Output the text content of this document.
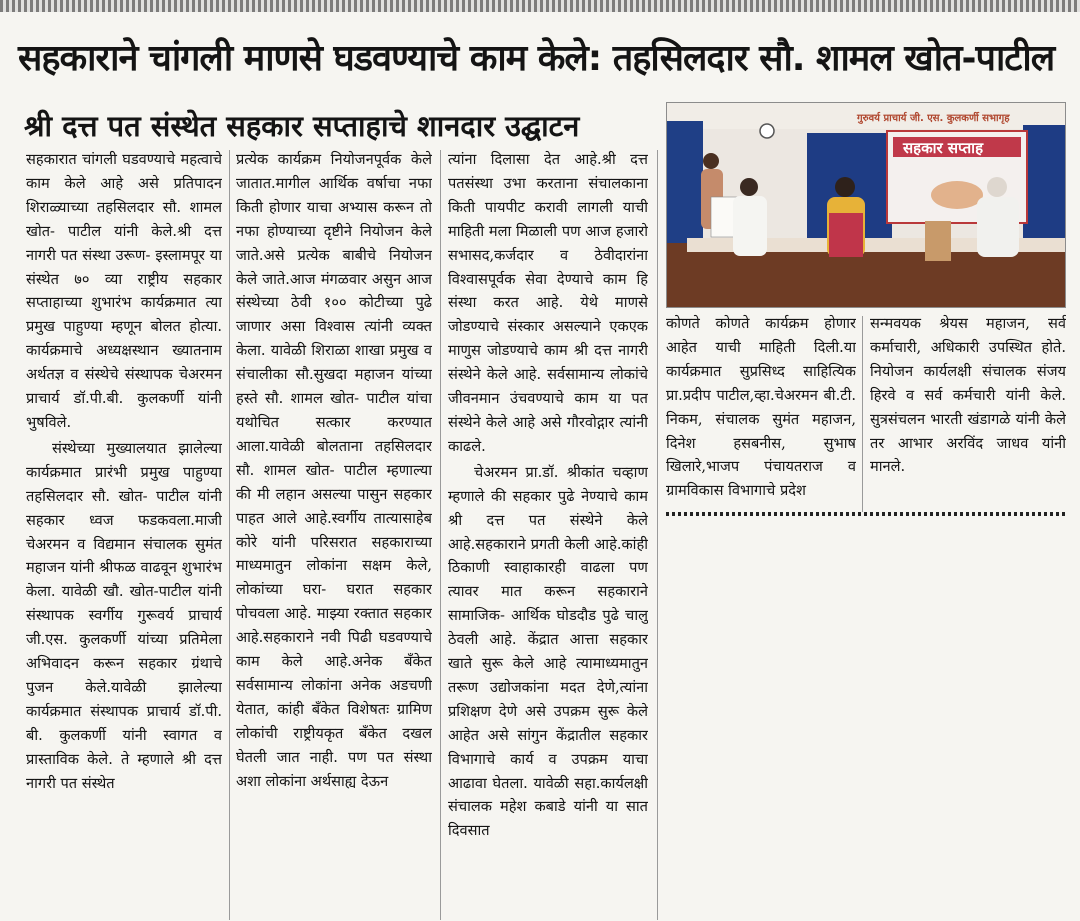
सहकाराने चांगली माणसे घडवण्याचे काम केले: तहसिलदार सौ. शामल खोत-पाटील
श्री दत्त पत संस्थेत सहकार सप्ताहाचे शानदार उद्घाटन	गुरुवर्य प्राचार्य जी. एस. कुलकर्णी सभागृह
सहकार सप्ताह

सहकारात चांगली घडवण्याचे महत्वाचे काम केले आहे असे प्रतिपादन शिराळ्याच्या तहसिलदार सौ. शामल खोत- पाटील यांनी केले.श्री दत्त नागरी पत संस्था उरूण- इस्लामपूर या संस्थेत ७० व्या राष्ट्रीय सहकार सप्ताहाच्या शुभारंभ कार्यक्रमात त्या प्रमुख पाहुण्या म्हणून बोलत होत्या. कार्यक्रमाचे अध्यक्षस्थान ख्यातनाम अर्थतज्ञ व संस्थेचे संस्थापक चेअरमन प्राचार्य डॉ.पी.बी. कुलकर्णी यांनी भुषविले.

संस्थेच्या मुख्यालयात झालेल्या कार्यक्रमात प्रारंभी प्रमुख पाहुण्या तहसिलदार सौ. खोत- पाटील यांनी सहकार ध्वज फडकवला.माजी चेअरमन व विद्यमान संचालक सुमंत महाजन यांनी श्रीफळ वाढवून शुभारंभ केला. यावेळी खौ. खोत-पाटील यांनी संस्थापक स्वर्गीय गुरूवर्य प्राचार्य जी.एस. कुलकर्णी यांच्या प्रतिमेला अभिवादन करून सहकार ग्रंथाचे पुजन केले.यावेळी झालेल्या कार्यक्रमात संस्थापक प्राचार्य डॉ.पी. बी. कुलकर्णी यांनी स्वागत व प्रास्ताविक केले. ते म्हणाले श्री दत्त नागरी पत संस्थेत

प्रत्येक कार्यक्रम नियोजनपूर्वक केले जातात.मागील आर्थिक वर्षाचा नफा किती होणार याचा अभ्यास करून तो नफा होण्याच्या दृष्टीने नियोजन केले जाते.असे प्रत्येक बाबीचे नियोजन केले जाते.आज मंगळवार असुन आज संस्थेच्या ठेवी १०० कोटीच्या पुढे जाणार असा विश्वास त्यांनी व्यक्त केला. यावेळी शिराळा शाखा प्रमुख व संचालीका सौ.सुखदा महाजन यांच्या हस्ते सौ. शामल खोत- पाटील यांचा यथोचित सत्कार करण्यात आला.यावेळी बोलताना तहसिलदार सौ. शामल खोत- पाटील म्हणाल्या की मी लहान असल्या पासुन सहकार पाहत आले आहे.स्वर्गीय तात्यासाहेब कोरे यांनी परिसरात सहकाराच्या माध्यमातुन लोकांना सक्षम केले, लोकांच्या घरा- घरात सहकार पोचवला आहे. माझ्या रक्तात सहकार आहे.सहकाराने नवी पिढी घडवण्याचे काम केले आहे.अनेक बँकेत सर्वसामान्य लोकांना अनेक अडचणी येतात, कांही बँकेत विशेषतः ग्रामिण लोकांची राष्ट्रीयकृत बँकेत दखल घेतली जात नाही. पण पत संस्था अशा लोकांना अर्थसाह्य देऊन

त्यांना दिलासा देत आहे.श्री दत्त पतसंस्था उभा करताना संचालकाना किती पायपीट करावी लागली याची माहिती मला मिळाली पण आज हजारो सभासद,कर्जदार व ठेवीदारांना विश्वासपूर्वक सेवा देण्याचे काम हि संस्था करत आहे. येथे माणसे जोडण्याचे संस्कार असल्याने एकएक माणुस जोडण्याचे काम श्री दत्त नागरी संस्थेने केले आहे. सर्वसामान्य लोकांचे जीवनमान उंचवण्याचे काम या पत संस्थेने केले आहे असे गौरवोद्गार त्यांनी काढले.

चेअरमन प्रा.डॉ. श्रीकांत चव्हाण म्हणाले की सहकार पुढे नेण्याचे काम श्री दत्त पत संस्थेने केले आहे.सहकाराने प्रगती केली आहे.कांही ठिकाणी स्वाहाकारही वाढला पण त्यावर मात करून सहकाराने सामाजिक- आर्थिक घोडदौड पुढे चालु ठेवली आहे. केंद्रात आत्ता सहकार खाते सुरू केले आहे त्यामाध्यमातुन तरूण उद्योजकांना मदत देणे,त्यांना प्रशिक्षण देणे असे उपक्रम सुरू केले आहेत असे सांगुन केंद्रातील सहकार विभागाचे कार्य व उपक्रम याचा आढावा घेतला. यावेळी सहा.कार्यलक्षी संचालक महेश कबाडे यांनी या सात दिवसात

कोणते कोणते कार्यक्रम होणार आहेत याची माहिती दिली.या कार्यक्रमात सुप्रसिध्द साहित्यिक प्रा.प्रदीप पाटील,व्हा.चेअरमन बी.टी. निकम, संचालक सुमंत महाजन, दिनेश हसबनीस, सुभाष खिलारे,भाजप पंचायतराज व ग्रामविकास विभागाचे प्रदेश

सन्मवयक श्रेयस महाजन, सर्व कर्माचारी, अधिकारी उपस्थित होते. नियोजन कार्यलक्षी संचालक संजय हिरवे व सर्व कर्मचारी यांनी केले. सुत्रसंचलन भारती खंडागळे यांनी केले तर आभार अरविंद जाधव यांनी मानले.
